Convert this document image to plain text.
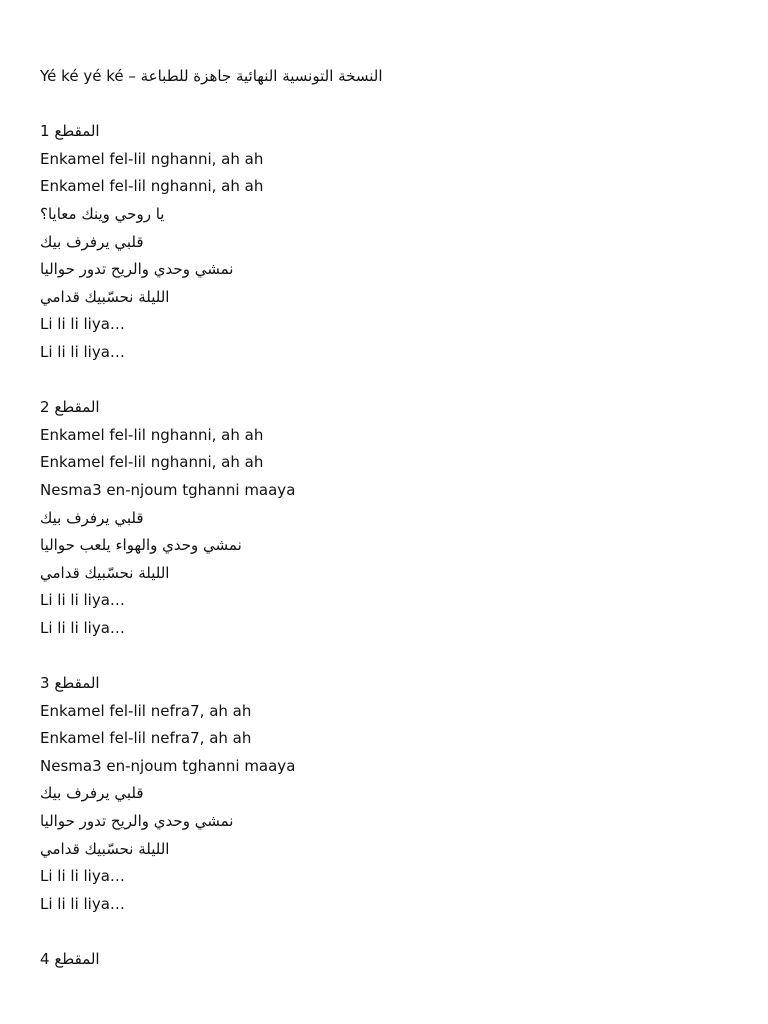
Yé ké yé ké – النسخة التونسية النهائية جاهزة للطباعة
المقطع 1
Enkamel fel-lil nghanni, ah ah
Enkamel fel-lil nghanni, ah ah
يا روحي وينك معايا؟
قلبي يرفرف بيك
نمشي وحدي والريح تدور حواليا
الليلة نحسّبيك قدامي
Li li li liya…
Li li li liya…
المقطع 2
Enkamel fel-lil nghanni, ah ah
Enkamel fel-lil nghanni, ah ah
Nesma3 en-njoum tghanni maaya
قلبي يرفرف بيك
نمشي وحدي والهواء يلعب حواليا
الليلة نحسّبيك قدامي
Li li li liya…
Li li li liya…
المقطع 3
Enkamel fel-lil nefra7, ah ah
Enkamel fel-lil nefra7, ah ah
Nesma3 en-njoum tghanni maaya
قلبي يرفرف بيك
نمشي وحدي والريح تدور حواليا
الليلة نحسّبيك قدامي
Li li li liya…
Li li li liya…
المقطع 4
